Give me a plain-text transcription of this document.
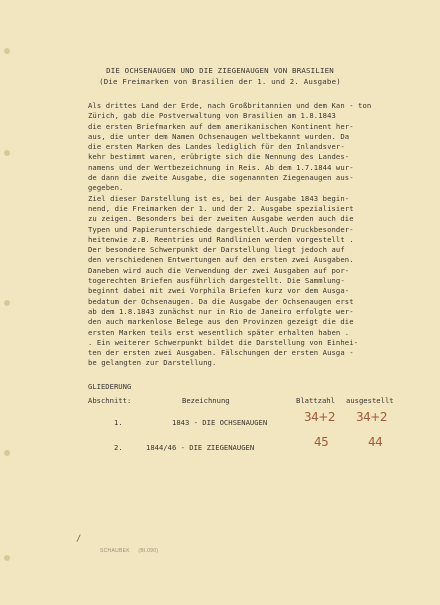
DIE OCHSENAUGEN UND DIE ZIEGENAUGEN VON BRASILIEN
(Die Freimarken von Brasilien der 1. und 2. Ausgabe)
Als drittes Land der Erde, nach Großbritannien und dem Kan - ton
Zürich, gab die Postverwaltung von Brasilien am 1.8.1843
die ersten Briefmarken auf dem amerikanischen Kontinent her-
aus, die unter dem Namen Ochsenaugen weltbekannt wurden. Da
die ersten Marken des Landes lediglich für den Inlandsver-
kehr bestimmt waren, erübrigte sich die Nennung des Landes-
namens und der Wertbezeichnung in Reis. Ab dem 1.7.1844 wur-
de dann die zweite Ausgabe, die sogenannten Ziegenaugen aus-
gegeben.
Ziel dieser Darstellung ist es, bei der Ausgabe 1843 begin-
nend, die Freimarken der 1. und der 2. Ausgabe spezialisiert
zu zeigen. Besonders bei der zweiten Ausgabe werden auch die
Typen und Papierunterschiede dargestellt.Auch Druckbesonder-
heitenwie z.B. Reentries und Randlinien werden vorgestellt .
Der besondere Schwerpunkt der Darstellung liegt jedoch auf
den verschiedenen Entwertungen auf den ersten zwei Ausgaben.
Daneben wird auch die Verwendung der zwei Ausgaben auf por-
togerechten Briefen ausführlich dargestellt. Die Sammlung-
beginnt dabei mit zwei Vorphila Briefen kurz vor dem Ausga-
bedatum der Ochsenaugen. Da die Ausgabe der Ochsenaugen erst
ab dem 1.8.1843 zunächst nur in Rio de Janeiro erfolgte wer-
den auch markenlose Belege aus den Provinzen gezeigt die die
ersten Marken teils erst wesentlich später erhalten haben .
. Ein weiterer Schwerpunkt bildet die Darstellung von Einhei-
ten der ersten zwei Ausgaben. Fälschungen der ersten Ausga -
be gelangten zur Darstellung.
GLIEDERUNG
Abschnitt:	Bezeichnung	Blattzahl ausgestellt
1.	1843 - DIE OCHSENAUGEN	34+2 34+2
2.	1844/46 - DIE ZIEGENAUGEN	45	44
/
SCHAUBEK (Bl.090)
